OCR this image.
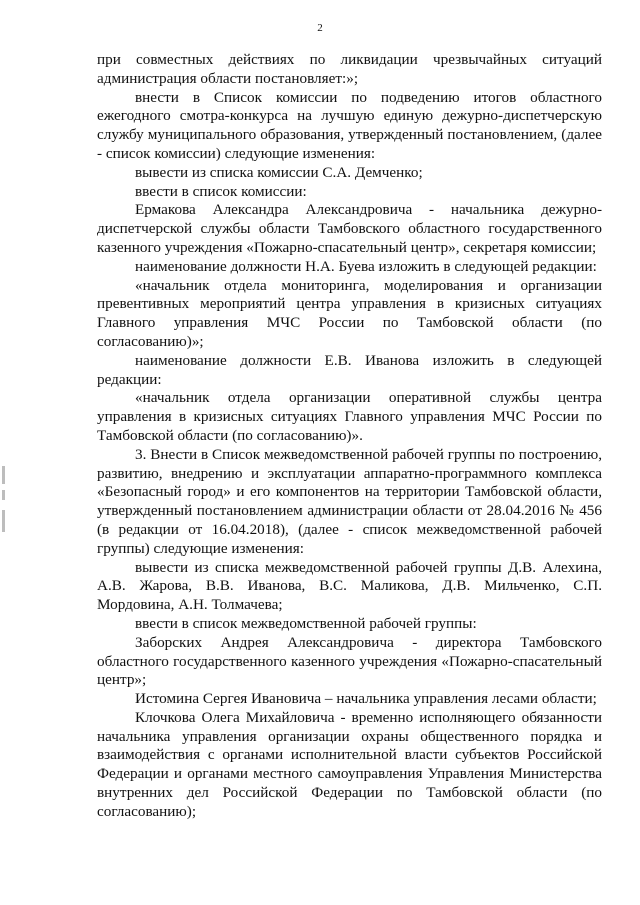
2

при совместных действиях по ликвидации чрезвычайных ситуаций администрация области постановляет:»;

внести в Список комиссии по подведению итогов областного ежегодного смотра-конкурса на лучшую единую дежурно-диспетчерскую службу муниципального образования, утвержденный постановлением, (далее - список комиссии) следующие изменения:

вывести из списка комиссии С.А. Демченко;

ввести в список комиссии:

Ермакова Александра Александровича - начальника дежурно-диспетчерской службы области Тамбовского областного государственного казенного учреждения «Пожарно-спасательный центр», секретаря комиссии;

наименование должности Н.А. Буева изложить в следующей редакции:

«начальник отдела мониторинга, моделирования и организации превентивных мероприятий центра управления в кризисных ситуациях Главного управления МЧС России по Тамбовской области (по согласованию)»;

наименование должности Е.В. Иванова изложить в следующей редакции:

«начальник отдела организации оперативной службы центра управления в кризисных ситуациях Главного управления МЧС России по Тамбовской области (по согласованию)».

3. Внести в Список межведомственной рабочей группы по построению, развитию, внедрению и эксплуатации аппаратно-программного комплекса «Безопасный город» и его компонентов на территории Тамбовской области, утвержденный постановлением администрации области от 28.04.2016 № 456 (в редакции от 16.04.2018), (далее - список межведомственной рабочей группы) следующие изменения:

вывести из списка межведомственной рабочей группы Д.В. Алехина, А.В. Жарова, В.В. Иванова, В.С. Маликова, Д.В. Мильченко, С.П. Мордовина, А.Н. Толмачева;

ввести в список межведомственной рабочей группы:

Заборских Андрея Александровича - директора Тамбовского областного государственного казенного учреждения «Пожарно-спасательный центр»;

Истомина Сергея Ивановича – начальника управления лесами области;

Клочкова Олега Михайловича - временно исполняющего обязанности начальника управления организации охраны общественного порядка и взаимодействия с органами исполнительной власти субъектов Российской Федерации и органами местного самоуправления Управления Министерства внутренних дел Российской Федерации по Тамбовской области (по согласованию);
